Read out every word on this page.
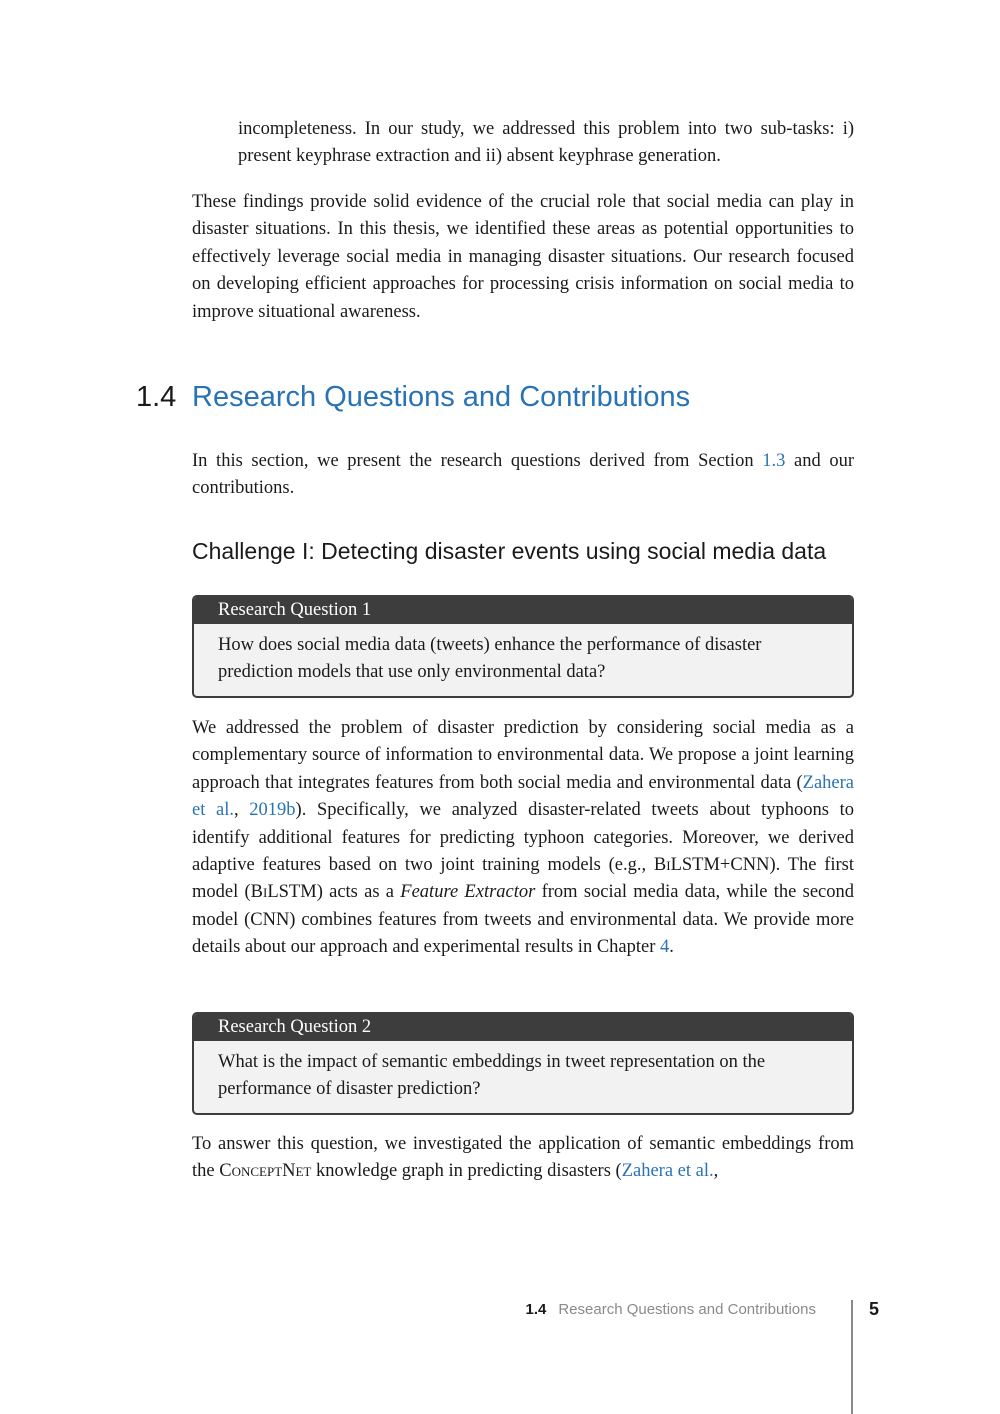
incompleteness. In our study, we addressed this problem into two sub-tasks: i) present keyphrase extraction and ii) absent keyphrase generation.

These findings provide solid evidence of the crucial role that social media can play in disaster situations. In this thesis, we identified these areas as potential opportunities to effectively leverage social media in managing disaster situations. Our research focused on developing efficient approaches for processing crisis information on social media to improve situational awareness.

1.4 Research Questions and Contributions

In this section, we present the research questions derived from Section 1.3 and our contributions.

Challenge I: Detecting disaster events using social media data
Research Question 1
How does social media data (tweets) enhance the performance of disaster prediction models that use only environmental data?

We addressed the problem of disaster prediction by considering social media as a complementary source of information to environmental data. We propose a joint learning approach that integrates features from both social media and environmental data (Zahera et al., 2019b). Specifically, we analyzed disaster-related tweets about typhoons to identify additional features for predicting typhoon categories. Moreover, we derived adaptive features based on two joint training models (e.g., BiLSTM+CNN). The first model (BiLSTM) acts as a Feature Extractor from social media data, while the second model (CNN) combines features from tweets and environmental data. We provide more details about our approach and experimental results in Chapter 4.

Research Question 2
What is the impact of semantic embeddings in tweet representation on the performance of disaster prediction?

To answer this question, we investigated the application of semantic embeddings from the ConceptNet knowledge graph in predicting disasters (Zahera et al.,

1.4 Research Questions and Contributions	5
